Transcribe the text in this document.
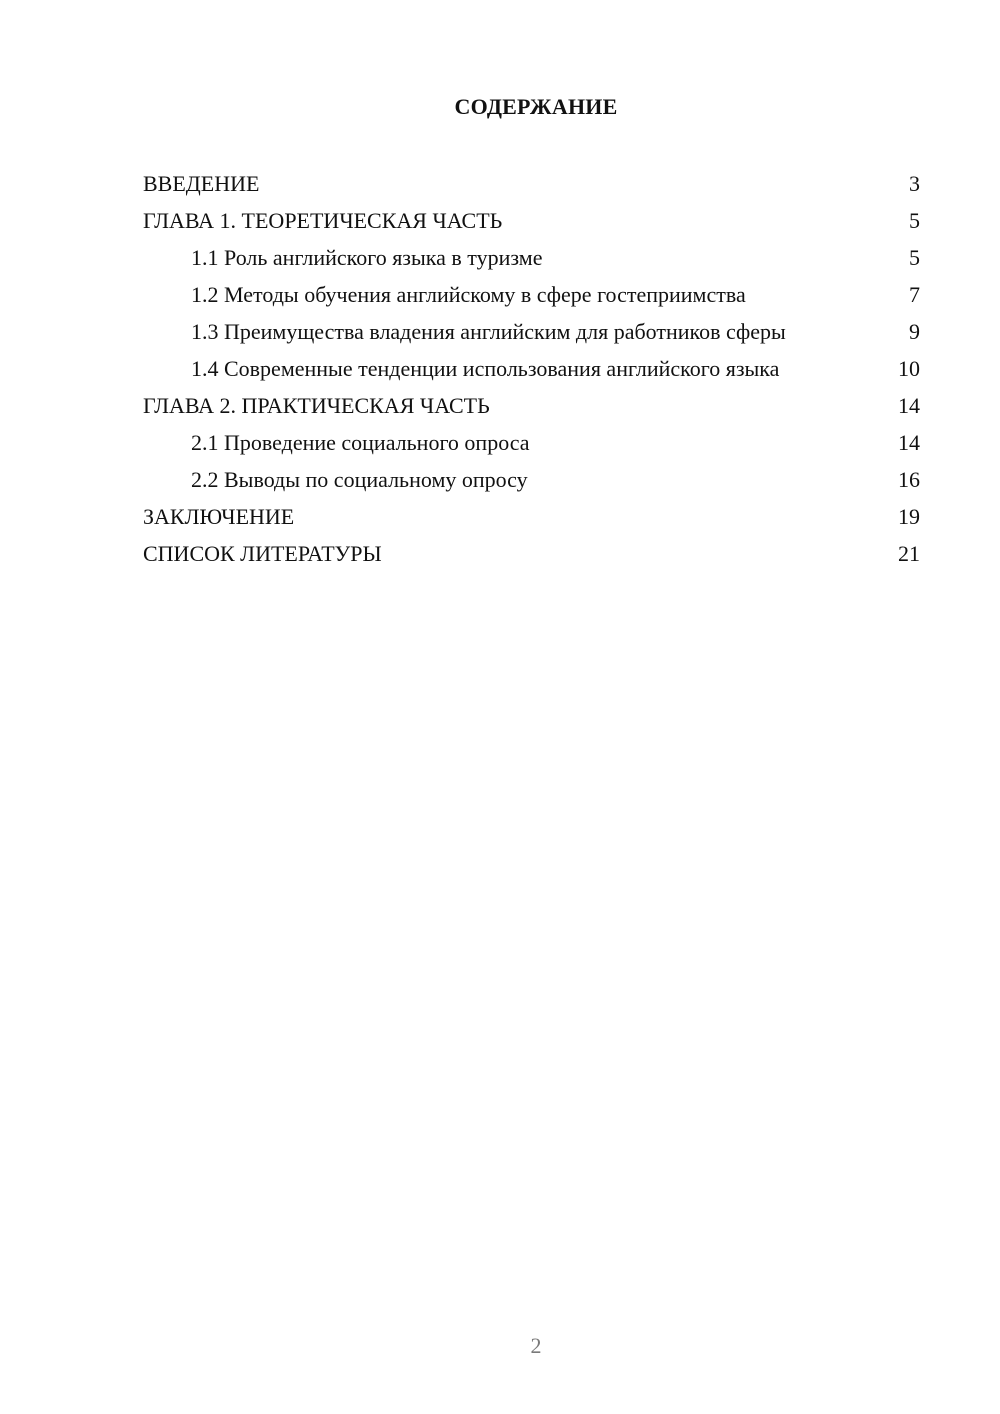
СОДЕРЖАНИЕ
ВВЕДЕНИЕ	3
ГЛАВА 1. ТЕОРЕТИЧЕСКАЯ ЧАСТЬ	5
1.1 Роль английского языка в туризме	5
1.2 Методы обучения английскому в сфере гостеприимства	7
1.3 Преимущества владения английским для работников сферы	9
1.4 Современные тенденции использования английского языка	10
ГЛАВА 2. ПРАКТИЧЕСКАЯ ЧАСТЬ	14
2.1 Проведение социального опроса	14
2.2 Выводы по социальному опросу	16
ЗАКЛЮЧЕНИЕ	19
СПИСОК ЛИТЕРАТУРЫ	21
2
